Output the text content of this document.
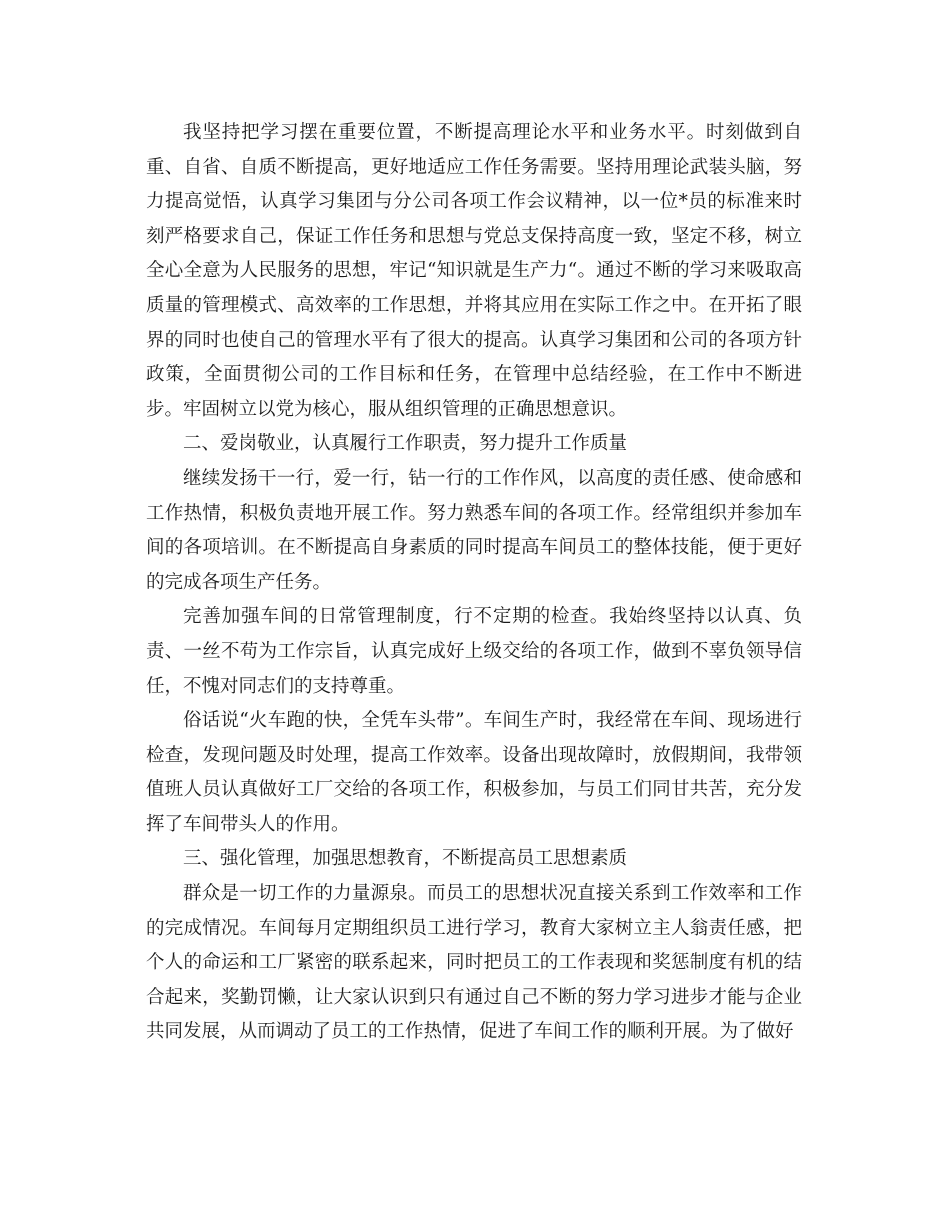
我坚持把学习摆在重要位置，不断提高理论水平和业务水平。时刻做到自重、自省、自质不断提高，更好地适应工作任务需要。坚持用理论武装头脑，努力提高觉悟，认真学习集团与分公司各项工作会议精神，以一位*员的标准来时刻严格要求自己，保证工作任务和思想与党总支保持高度一致，坚定不移，树立全心全意为人民服务的思想，牢记“知识就是生产力“。通过不断的学习来吸取高质量的管理模式、高效率的工作思想，并将其应用在实际工作之中。在开拓了眼界的同时也使自己的管理水平有了很大的提高。认真学习集团和公司的各项方针政策，全面贯彻公司的工作目标和任务，在管理中总结经验，在工作中不断进步。牢固树立以党为核心，服从组织管理的正确思想意识。

二、爱岗敬业，认真履行工作职责，努力提升工作质量

继续发扬干一行，爱一行，钻一行的工作作风，以高度的责任感、使命感和工作热情，积极负责地开展工作。努力熟悉车间的各项工作。经常组织并参加车间的各项培训。在不断提高自身素质的同时提高车间员工的整体技能，便于更好的完成各项生产任务。

完善加强车间的日常管理制度，行不定期的检查。我始终坚持以认真、负责、一丝不苟为工作宗旨，认真完成好上级交给的各项工作，做到不辜负领导信任，不愧对同志们的支持尊重。

俗话说“火车跑的快，全凭车头带”。车间生产时，我经常在车间、现场进行检查，发现问题及时处理，提高工作效率。设备出现故障时，放假期间，我带领值班人员认真做好工厂交给的各项工作，积极参加，与员工们同甘共苦，充分发挥了车间带头人的作用。

三、强化管理，加强思想教育，不断提高员工思想素质

群众是一切工作的力量源泉。而员工的思想状况直接关系到工作效率和工作的完成情况。车间每月定期组织员工进行学习，教育大家树立主人翁责任感，把个人的命运和工厂紧密的联系起来，同时把员工的工作表现和奖惩制度有机的结合起来，奖勤罚懒，让大家认识到只有通过自己不断的努力学习进步才能与企业共同发展，从而调动了员工的工作热情，促进了车间工作的顺利开展。为了做好
